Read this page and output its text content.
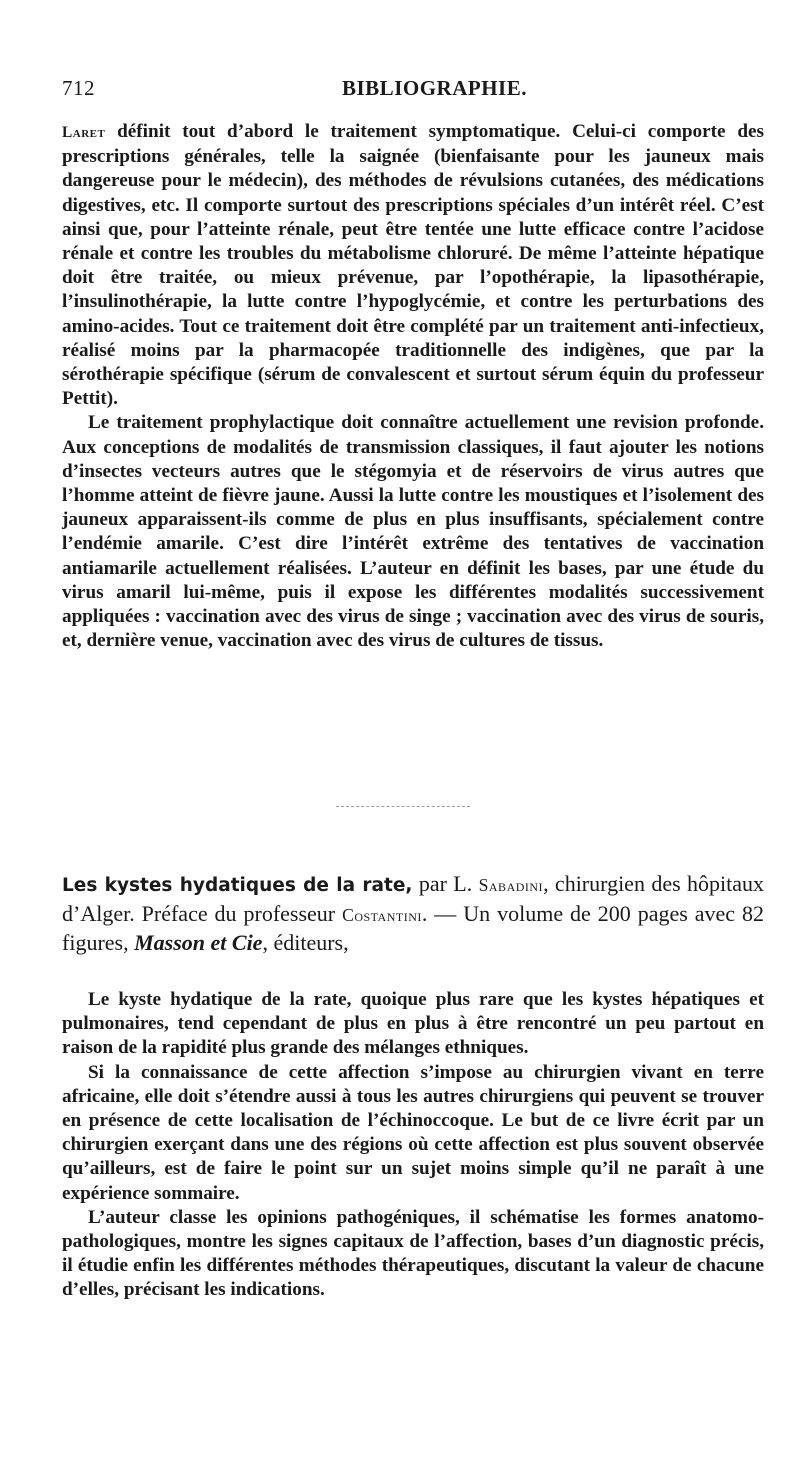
712	BIBLIOGRAPHIE.

Laret définit tout d’abord le traitement symptomatique. Celui-ci comporte des prescriptions générales, telle la saignée (bienfaisante pour les jauneux mais dangereuse pour le médecin), des méthodes de révulsions cutanées, des médications digestives, etc. Il comporte surtout des prescriptions spéciales d’un intérêt réel. C’est ainsi que, pour l’atteinte rénale, peut être tentée une lutte efficace contre l’acidose rénale et contre les troubles du métabolisme chloruré. De même l’atteinte hépatique doit être traitée, ou mieux prévenue, par l’opothérapie, la lipasothérapie, l’insulinothérapie, la lutte contre l’hypoglycémie, et contre les perturbations des amino-acides. Tout ce traitement doit être complété par un traitement anti-infectieux, réalisé moins par la pharmacopée traditionnelle des indigènes, que par la sérothérapie spécifique (sérum de convalescent et surtout sérum équin du professeur Pettit).

Le traitement prophylactique doit connaître actuellement une revision profonde. Aux conceptions de modalités de transmission classiques, il faut ajouter les notions d’insectes vecteurs autres que le stégomyia et de réservoirs de virus autres que l’homme atteint de fièvre jaune. Aussi la lutte contre les moustiques et l’isolement des jauneux apparaissent-ils comme de plus en plus insuffisants, spécialement contre l’endémie amarile. C’est dire l’intérêt extrême des tentatives de vaccination antiamarile actuellement réalisées. L’auteur en définit les bases, par une étude du virus amaril lui-même, puis il expose les différentes modalités successivement appliquées : vaccination avec des virus de singe ; vaccination avec des virus de souris, et, dernière venue, vaccination avec des virus de cultures de tissus.

Les kystes hydatiques de la rate, par L. Sabadini, chirurgien des hôpitaux d’Alger. Préface du professeur Costantini. — Un volume de 200 pages avec 82 figures, Masson et Cie, éditeurs,

Le kyste hydatique de la rate, quoique plus rare que les kystes hépatiques et pulmonaires, tend cependant de plus en plus à être rencontré un peu partout en raison de la rapidité plus grande des mélanges ethniques.

Si la connaissance de cette affection s’impose au chirurgien vivant en terre africaine, elle doit s’étendre aussi à tous les autres chirurgiens qui peuvent se trouver en présence de cette localisation de l’échinoccoque. Le but de ce livre écrit par un chirurgien exerçant dans une des régions où cette affection est plus souvent observée qu’ailleurs, est de faire le point sur un sujet moins simple qu’il ne paraît à une expérience sommaire.

L’auteur classe les opinions pathogéniques, il schématise les formes anatomo-pathologiques, montre les signes capitaux de l’affection, bases d’un diagnostic précis, il étudie enfin les différentes méthodes thérapeutiques, discutant la valeur de chacune d’elles, précisant les indications.
